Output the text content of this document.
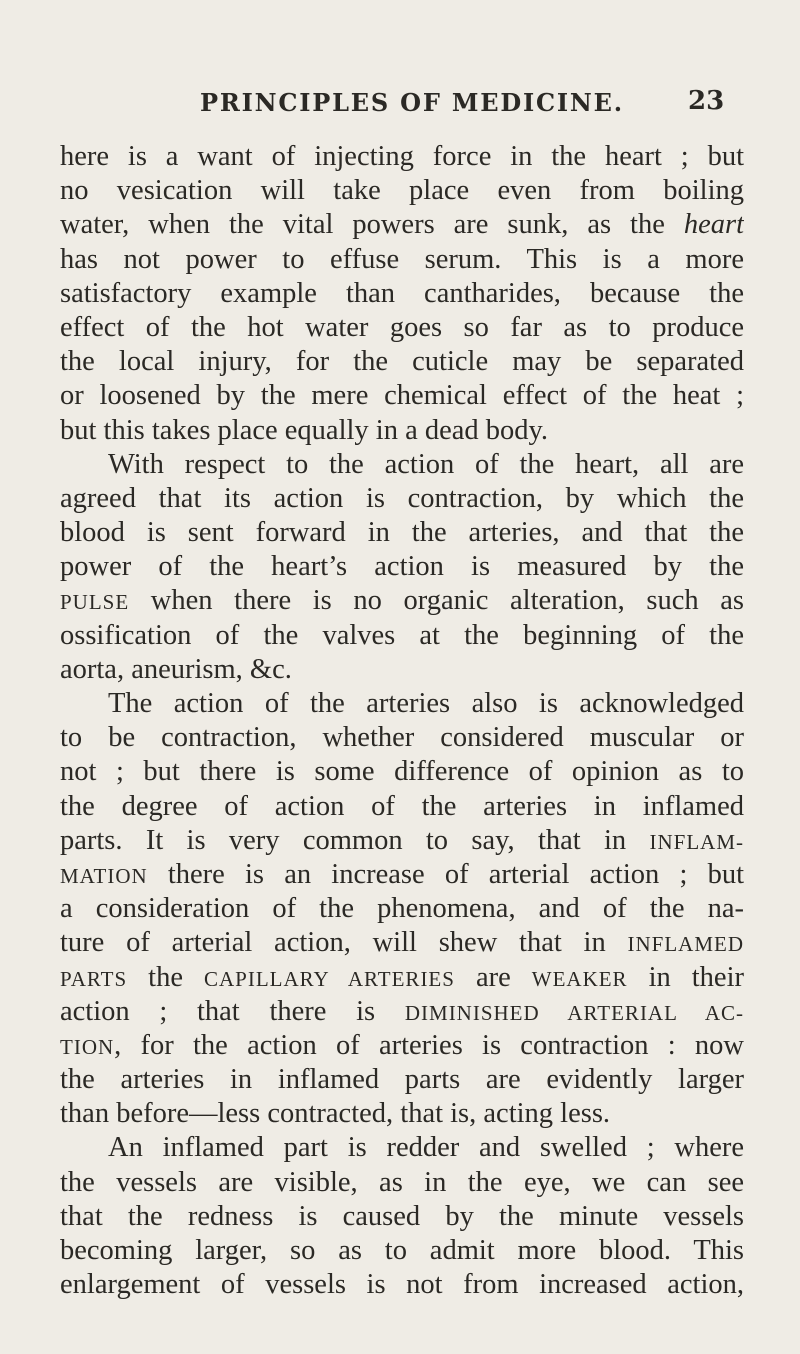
PRINCIPLES OF MEDICINE. 23
here is a want of injecting force in the heart ; but
no vesication will take place even from boiling
water, when the vital powers are sunk, as the heart
has not power to effuse serum. This is a more
satisfactory example than cantharides, because the
effect of the hot water goes so far as to produce
the local injury, for the cuticle may be separated
or loosened by the mere chemical effect of the heat ;
but this takes place equally in a dead body.
With respect to the action of the heart, all are
agreed that its action is contraction, by which the
blood is sent forward in the arteries, and that the
power of the heart’s action is measured by the
PULSE when there is no organic alteration, such as
ossification of the valves at the beginning of the
aorta, aneurism, &c.
The action of the arteries also is acknowledged
to be contraction, whether considered muscular or
not ; but there is some difference of opinion as to
the degree of action of the arteries in inflamed
parts. It is very common to say, that in INFLAM-
MATION there is an increase of arterial action ; but
a consideration of the phenomena, and of the na-
ture of arterial action, will shew that in INFLAMED
PARTS the CAPILLARY ARTERIES are WEAKER in their
action ; that there is DIMINISHED ARTERIAL AC-
TION, for the action of arteries is contraction : now
the arteries in inflamed parts are evidently larger
than before—less contracted, that is, acting less.
An inflamed part is redder and swelled ; where
the vessels are visible, as in the eye, we can see
that the redness is caused by the minute vessels
becoming larger, so as to admit more blood. This
enlargement of vessels is not from increased action,
